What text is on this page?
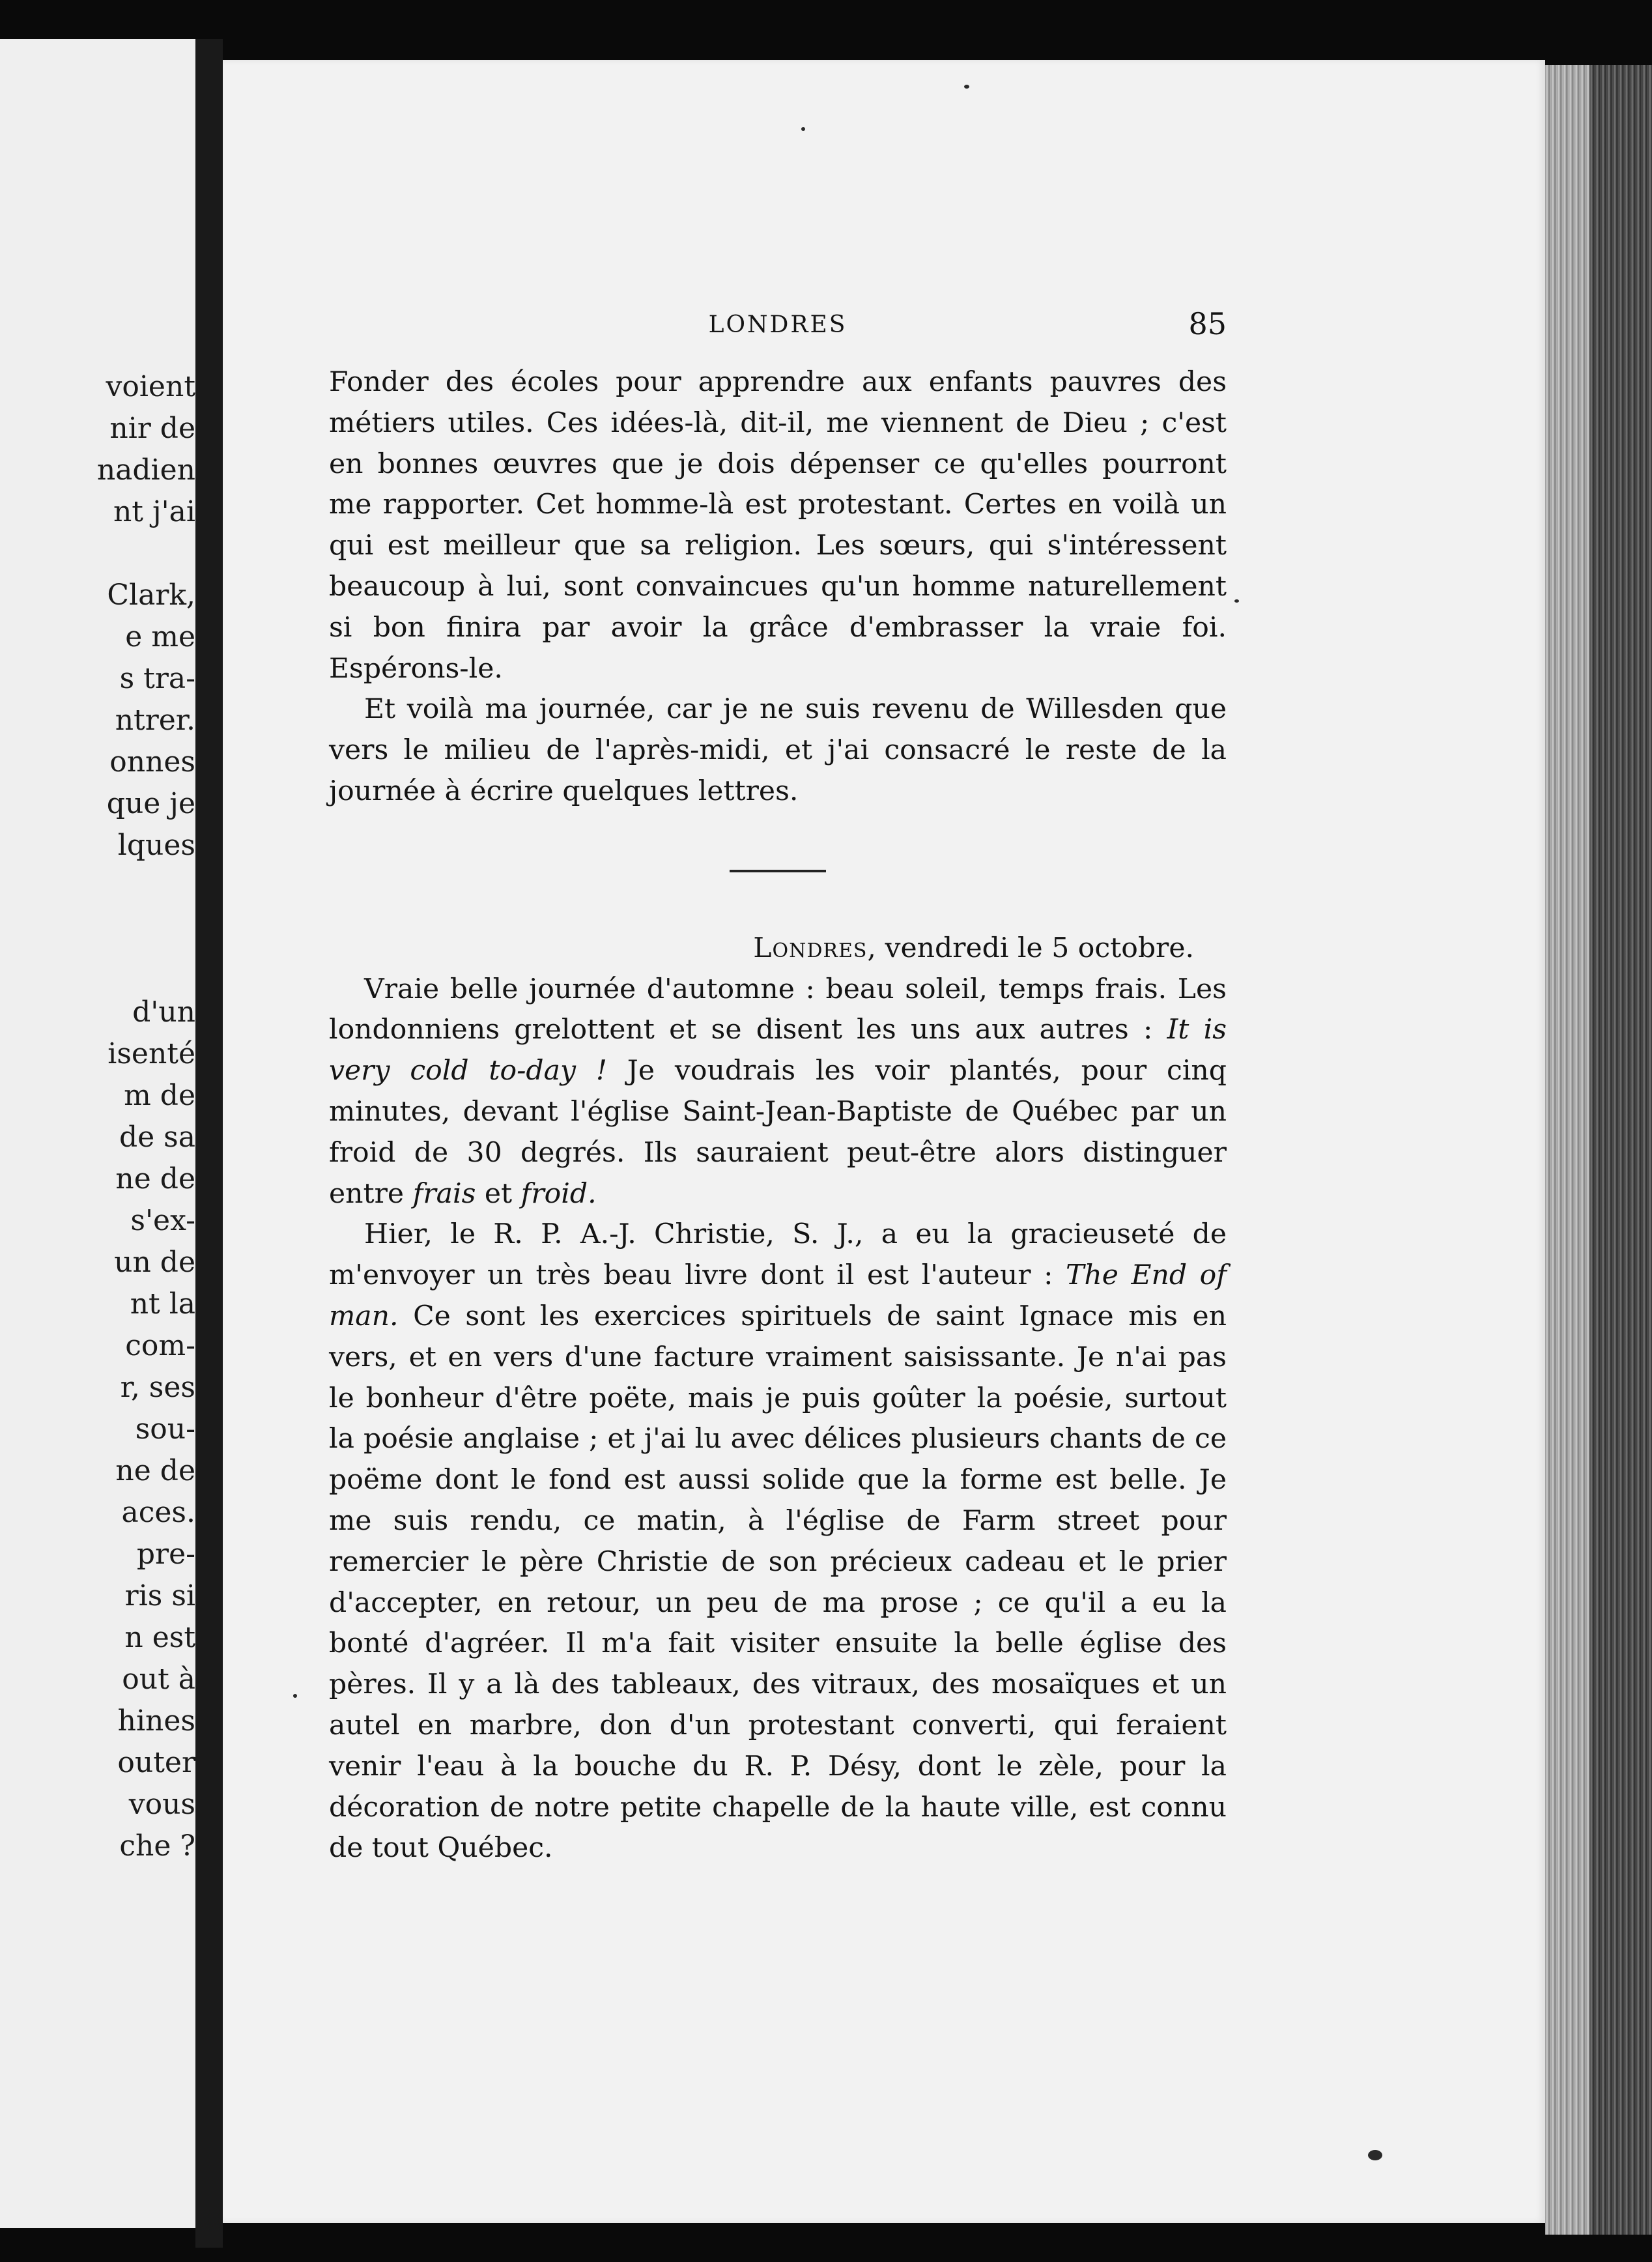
voient
nir de
nadien
nt j'ai
Clark,
e me
s tra-
ntrer.
onnes
que je
lques
d'un
isenté
m de
de sa
ne de
s'ex-
un de
nt la
com-
r, ses
sou-
ne de
aces.
pre-
ris si
n est
out à
hines
outer
vous
che ?
LONDRES	85

Fonder des écoles pour apprendre aux enfants pauvres des métiers utiles. Ces idées-là, dit-il, me viennent de Dieu ; c'est en bonnes œuvres que je dois dépenser ce qu'elles pourront me rapporter. Cet homme-là est protestant. Certes en voilà un qui est meilleur que sa religion. Les sœurs, qui s'intéressent beaucoup à lui, sont convaincues qu'un homme naturellement si bon finira par avoir la grâce d'embrasser la vraie foi. Espérons-le.

Et voilà ma journée, car je ne suis revenu de Willesden que vers le milieu de l'après-midi, et j'ai consacré le reste de la journée à écrire quelques lettres.

Londres, vendredi le 5 octobre.

Vraie belle journée d'automne : beau soleil, temps frais. Les londonniens grelottent et se disent les uns aux autres : It is very cold to-day ! Je voudrais les voir plantés, pour cinq minutes, devant l'église Saint-Jean-Baptiste de Québec par un froid de 30 degrés. Ils sauraient peut-être alors distinguer entre frais et froid.

Hier, le R. P. A.-J. Christie, S. J., a eu la gracieuseté de m'envoyer un très beau livre dont il est l'auteur : The End of man. Ce sont les exercices spirituels de saint Ignace mis en vers, et en vers d'une facture vraiment saisissante. Je n'ai pas le bonheur d'être poëte, mais je puis goûter la poésie, surtout la poésie anglaise ; et j'ai lu avec délices plusieurs chants de ce poëme dont le fond est aussi solide que la forme est belle. Je me suis rendu, ce matin, à l'église de Farm street pour remercier le père Christie de son précieux cadeau et le prier d'accepter, en retour, un peu de ma prose ; ce qu'il a eu la bonté d'agréer. Il m'a fait visiter ensuite la belle église des pères. Il y a là des tableaux, des vitraux, des mosaïques et un autel en marbre, don d'un protestant converti, qui feraient venir l'eau à la bouche du R. P. Désy, dont le zèle, pour la décoration de notre petite chapelle de la haute ville, est connu de tout Québec.
